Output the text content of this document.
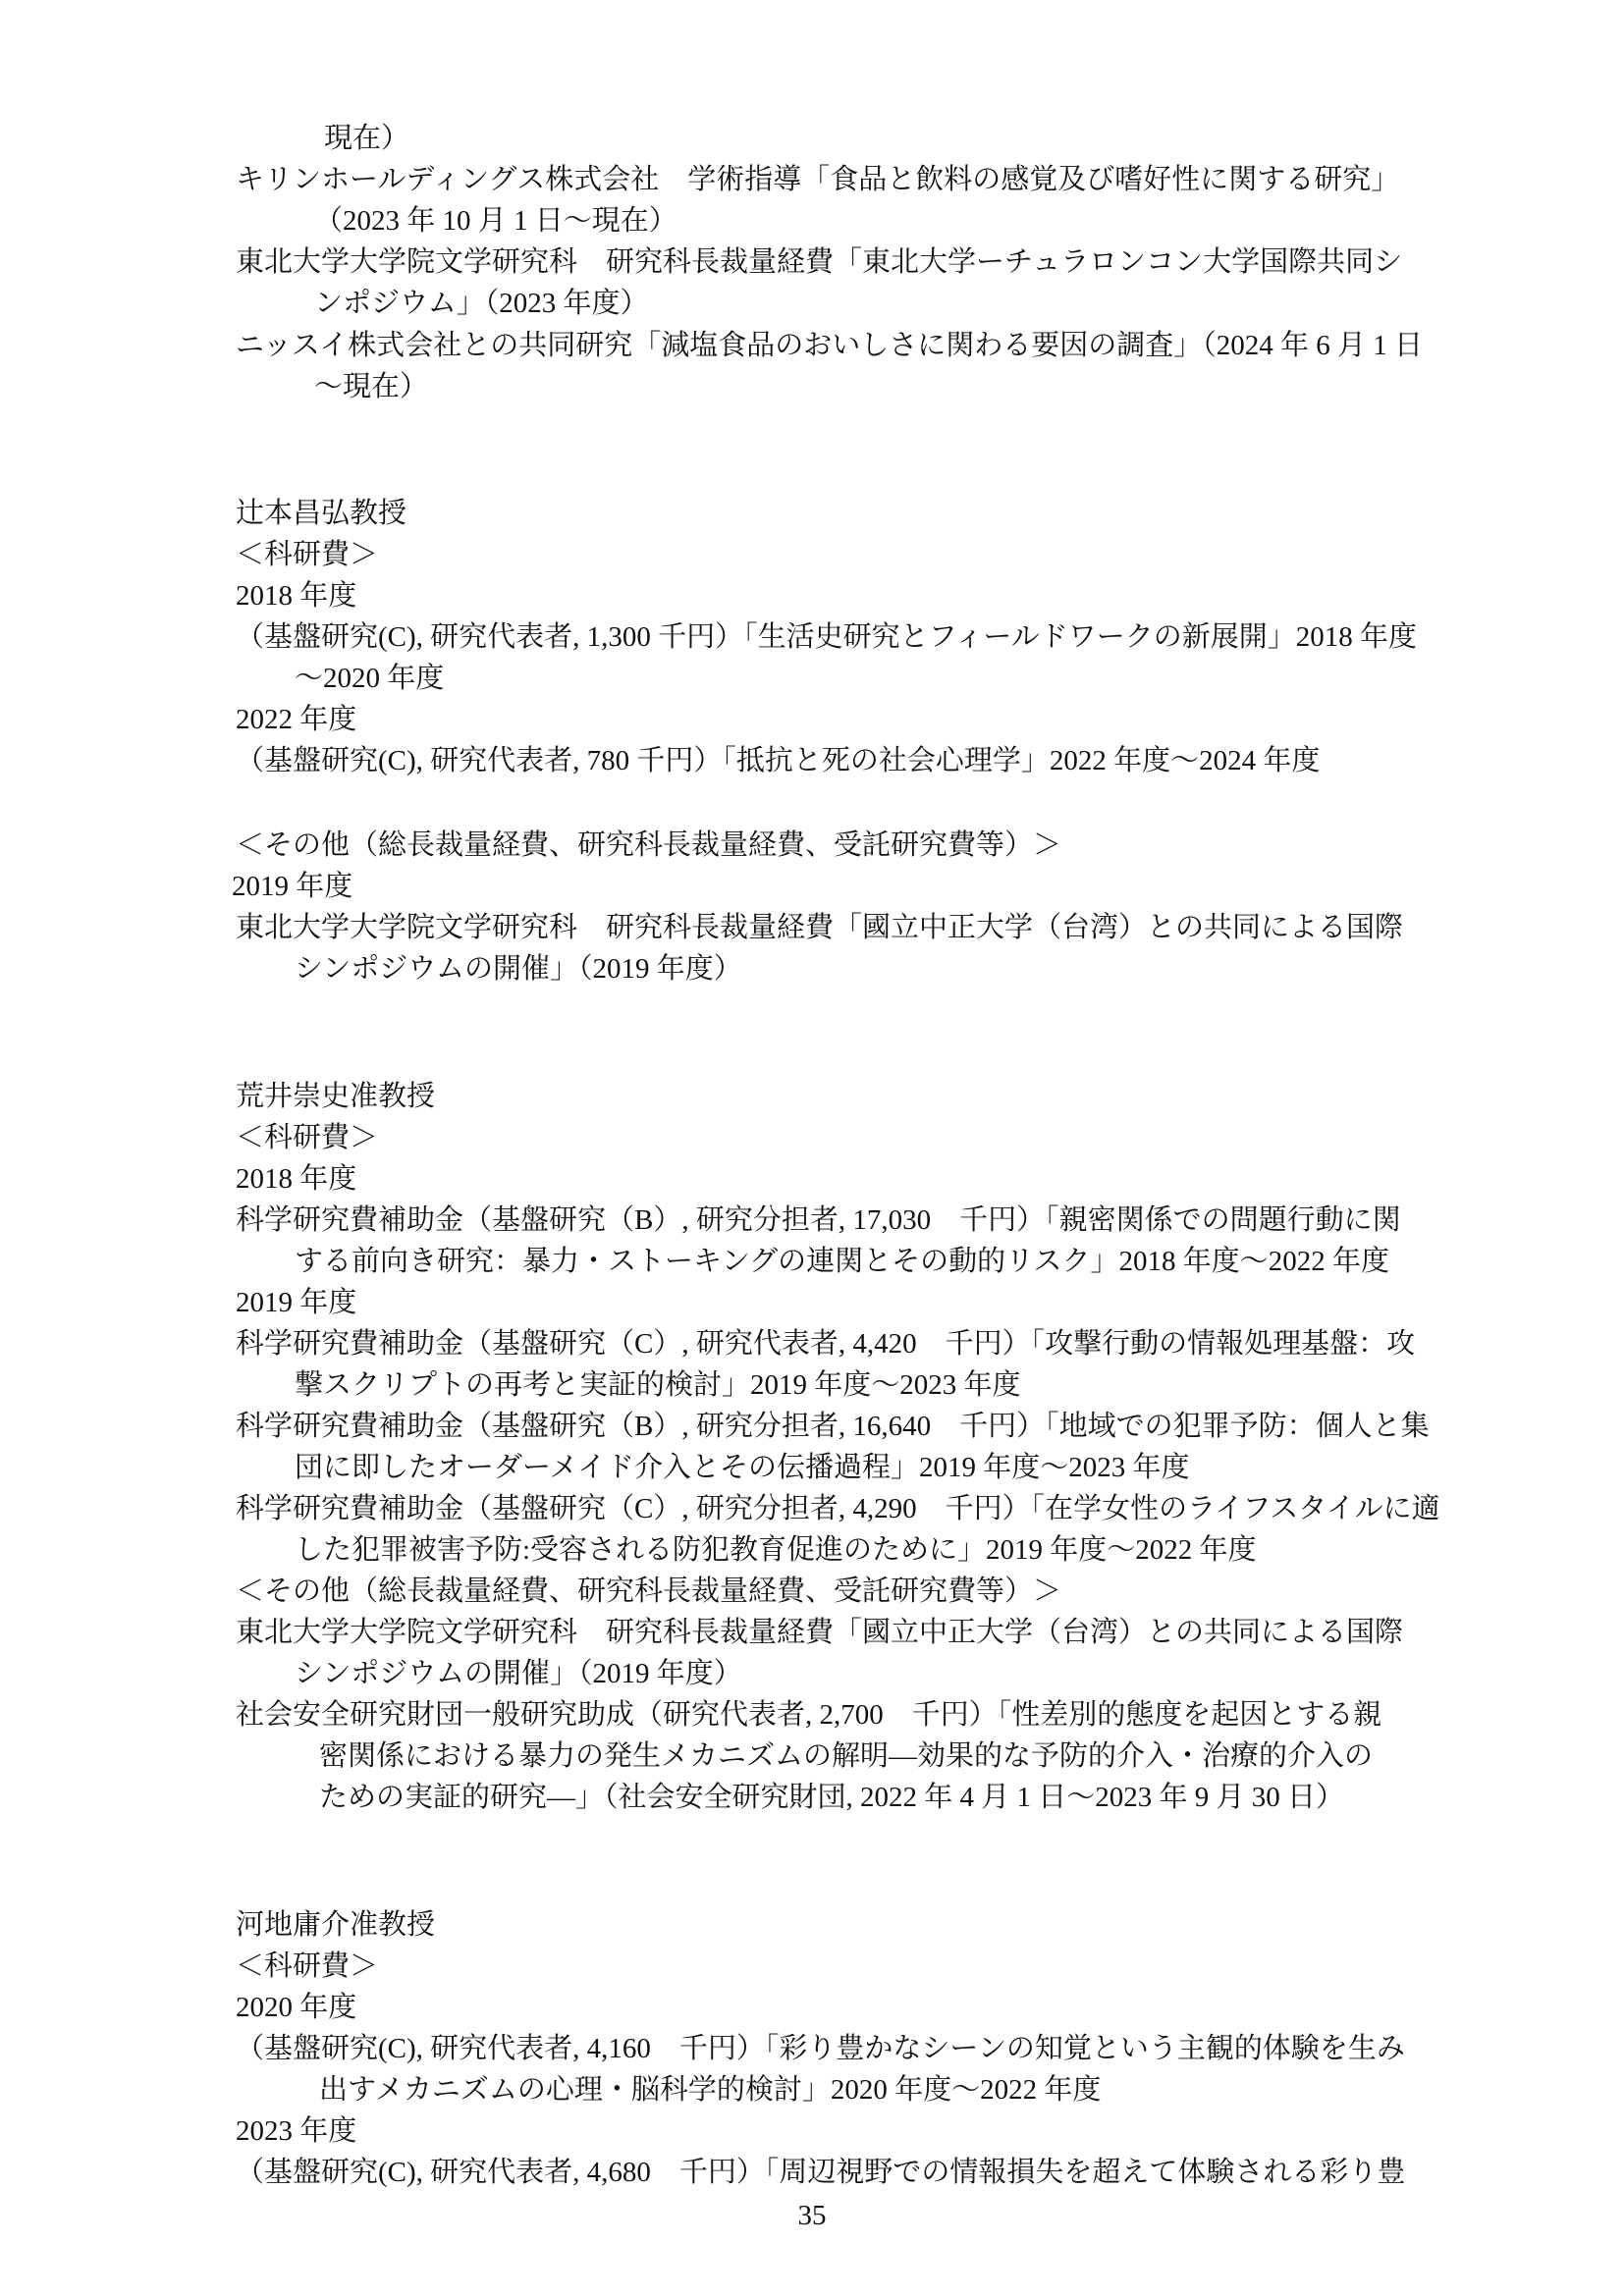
現在）
キリンホールディングス株式会社　学術指導「食品と飲料の感覚及び嗜好性に関する研究」
（2023 年 10 月 1 日～現在）
東北大学大学院文学研究科　研究科長裁量経費「東北大学ーチュラロンコン大学国際共同シ
ンポジウム」（2023 年度）
ニッスイ株式会社との共同研究「減塩食品のおいしさに関わる要因の調査」（2024 年 6 月 1 日
～現在）
辻本昌弘教授
＜科研費＞
2018 年度
（基盤研究(C), 研究代表者, 1,300 千円）「生活史研究とフィールドワークの新展開」2018 年度
～2020 年度
2022 年度
（基盤研究(C), 研究代表者, 780 千円）「抵抗と死の社会心理学」2022 年度～2024 年度
＜その他（総長裁量経費、研究科長裁量経費、受託研究費等）＞
2019 年度
東北大学大学院文学研究科　研究科長裁量経費「國立中正大学（台湾）との共同による国際
シンポジウムの開催」（2019 年度）
荒井崇史准教授
＜科研費＞
2018 年度
科学研究費補助金（基盤研究（B）, 研究分担者, 17,030　千円）「親密関係での問題行動に関
する前向き研究：暴力・ストーキングの連関とその動的リスク」2018 年度～2022 年度
2019 年度
科学研究費補助金（基盤研究（C）, 研究代表者, 4,420　千円）「攻撃行動の情報処理基盤：攻
撃スクリプトの再考と実証的検討」2019 年度～2023 年度
科学研究費補助金（基盤研究（B）, 研究分担者, 16,640　千円）「地域での犯罪予防：個人と集
団に即したオーダーメイド介入とその伝播過程」2019 年度～2023 年度
科学研究費補助金（基盤研究（C）, 研究分担者, 4,290　千円）「在学女性のライフスタイルに適
した犯罪被害予防:受容される防犯教育促進のために」2019 年度～2022 年度
＜その他（総長裁量経費、研究科長裁量経費、受託研究費等）＞
東北大学大学院文学研究科　研究科長裁量経費「國立中正大学（台湾）との共同による国際
シンポジウムの開催」（2019 年度）
社会安全研究財団一般研究助成（研究代表者, 2,700　千円）「性差別的態度を起因とする親
密関係における暴力の発生メカニズムの解明―効果的な予防的介入・治療的介入の
ための実証的研究―」（社会安全研究財団, 2022 年 4 月 1 日～2023 年 9 月 30 日）
河地庸介准教授
＜科研費＞
2020 年度
（基盤研究(C), 研究代表者, 4,160　千円）「彩り豊かなシーンの知覚という主観的体験を生み
出すメカニズムの心理・脳科学的検討」2020 年度～2022 年度
2023 年度
（基盤研究(C), 研究代表者, 4,680　千円）「周辺視野での情報損失を超えて体験される彩り豊
35
